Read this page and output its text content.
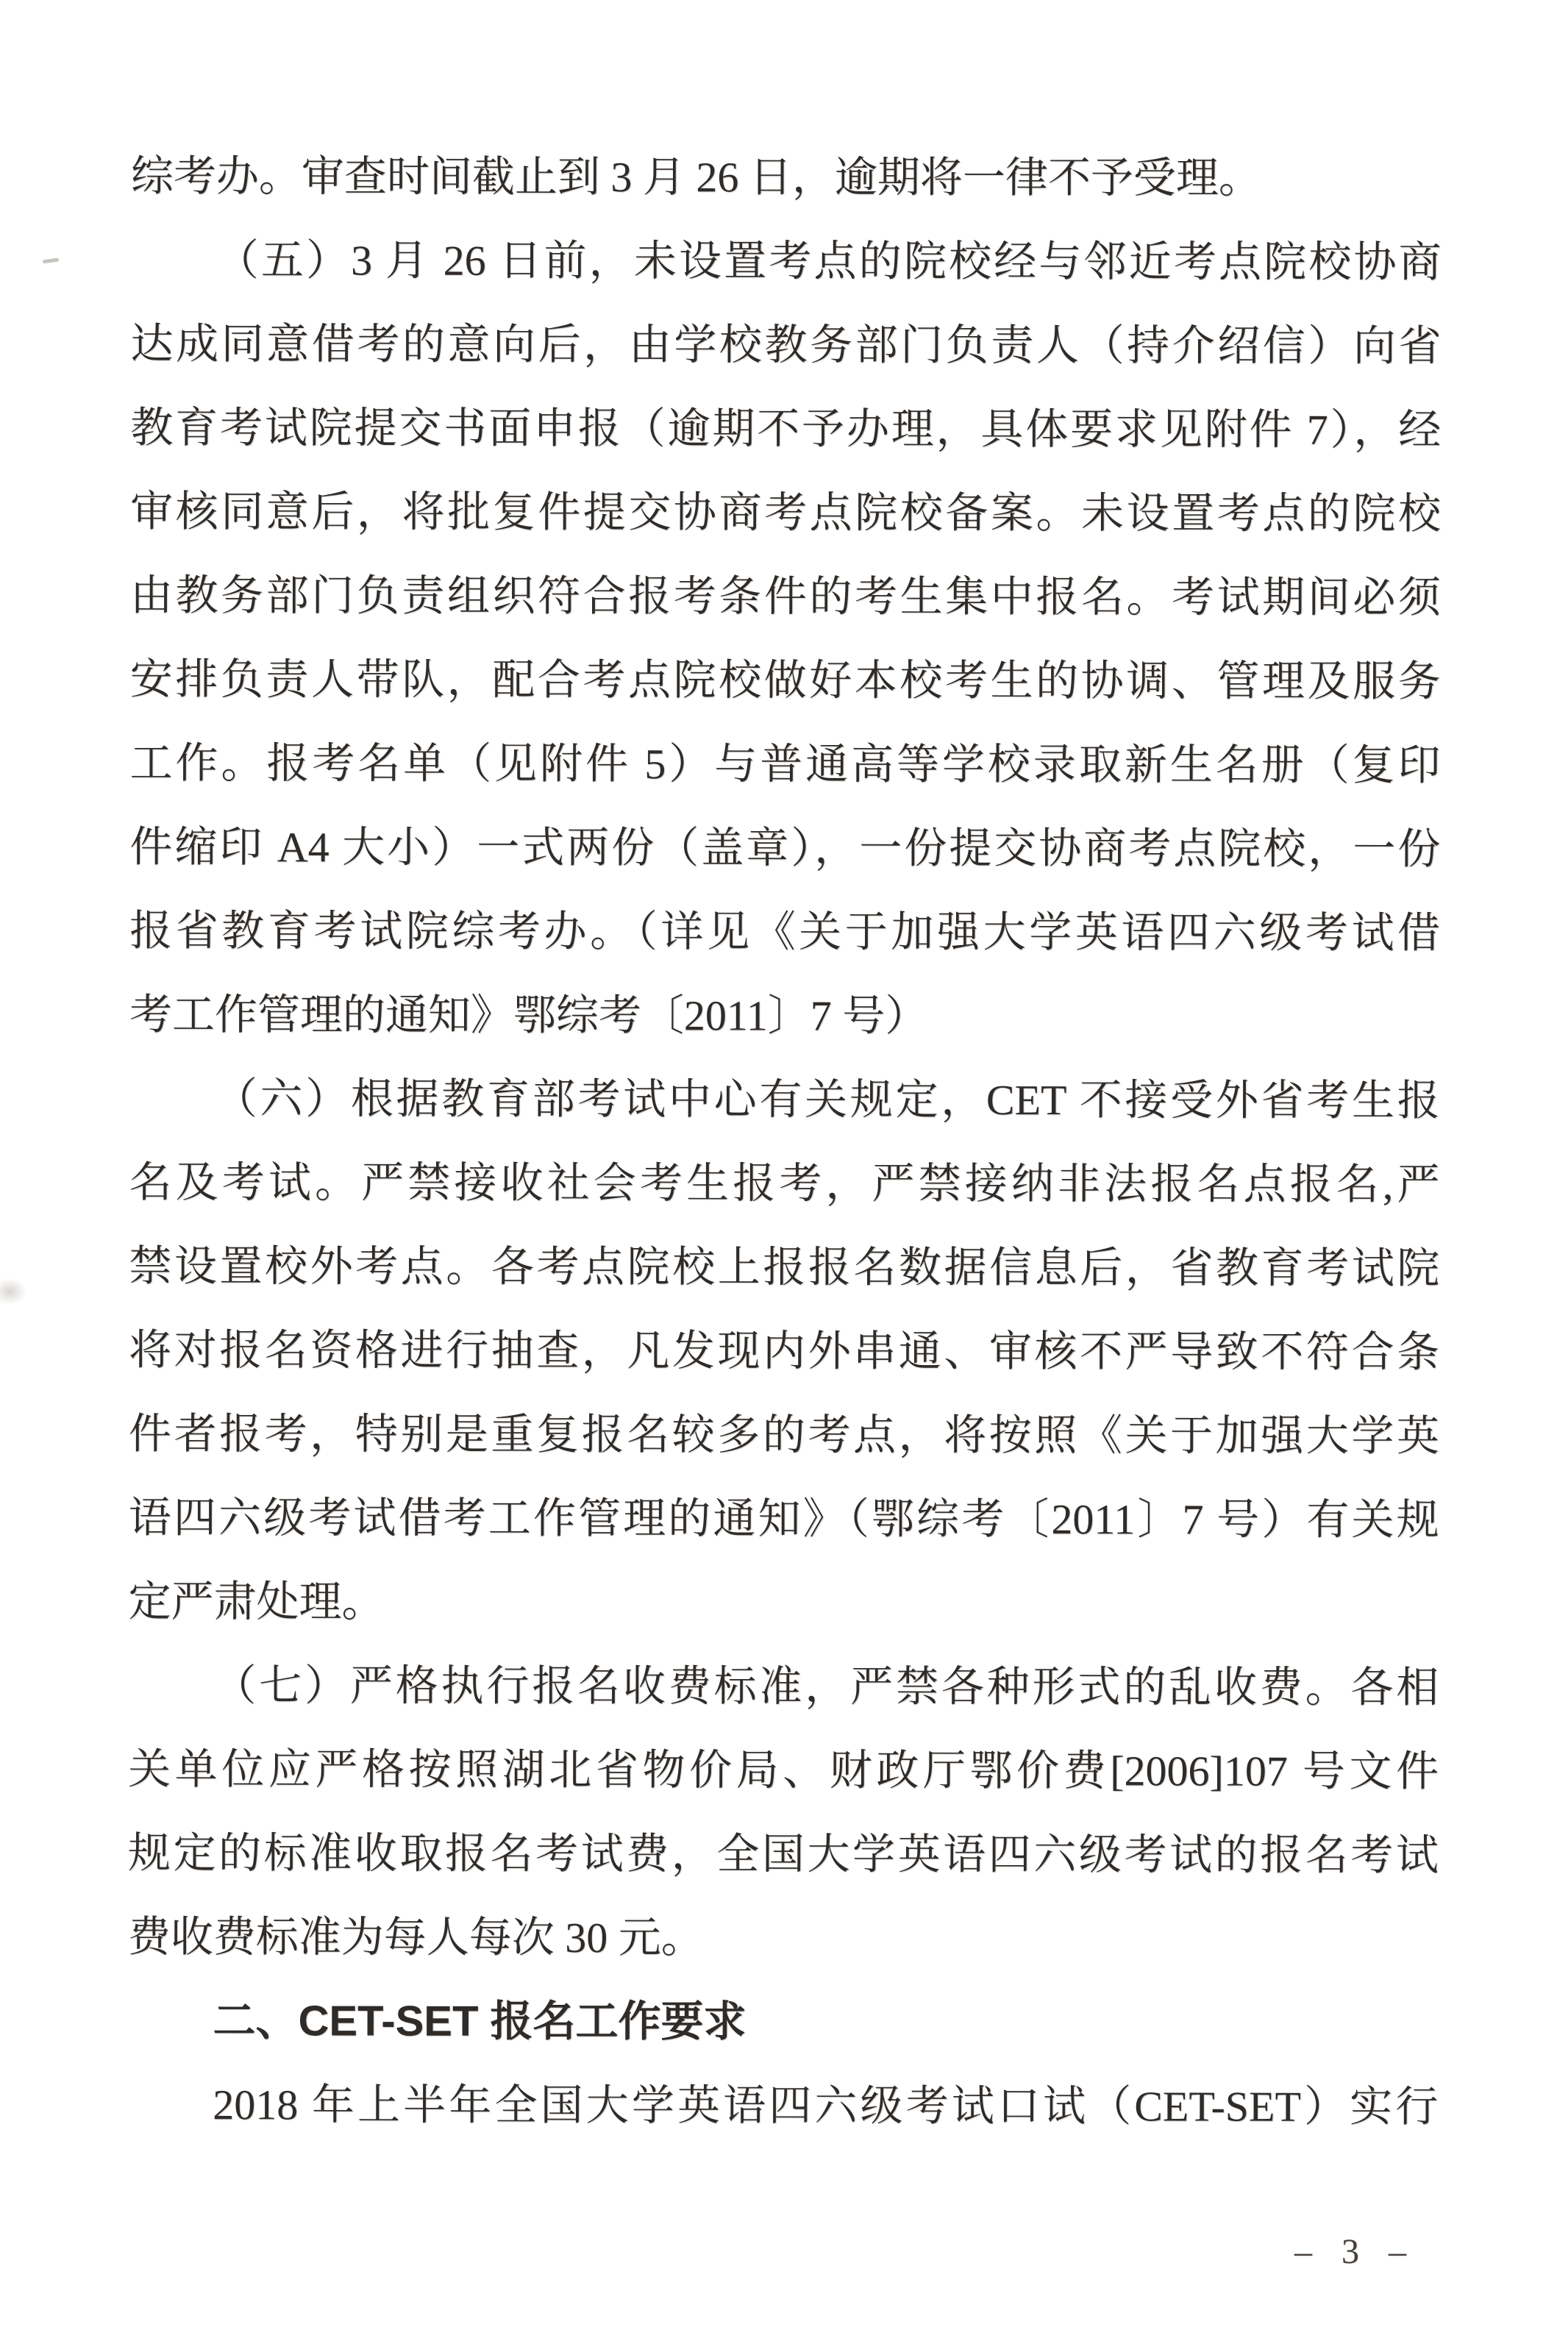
综考办。审查时间截止到 3 月 26 日，逾期将一律不予受理。

（五）3 月 26 日前，未设置考点的院校经与邻近考点院校协商

达成同意借考的意向后，由学校教务部门负责人（持介绍信）向省

教育考试院提交书面申报（逾期不予办理，具体要求见附件 7），经

审核同意后，将批复件提交协商考点院校备案。未设置考点的院校

由教务部门负责组织符合报考条件的考生集中报名。考试期间必须

安排负责人带队，配合考点院校做好本校考生的协调、管理及服务

工作。报考名单（见附件 5）与普通高等学校录取新生名册（复印

件缩印 A4 大小）一式两份（盖章），一份提交协商考点院校，一份

报省教育考试院综考办。（详见《关于加强大学英语四六级考试借

考工作管理的通知》鄂综考〔2011〕7 号）

（六）根据教育部考试中心有关规定，CET 不接受外省考生报

名及考试。严禁接收社会考生报考，严禁接纳非法报名点报名,严

禁设置校外考点。各考点院校上报报名数据信息后，省教育考试院

将对报名资格进行抽查，凡发现内外串通、审核不严导致不符合条

件者报考，特别是重复报名较多的考点，将按照《关于加强大学英

语四六级考试借考工作管理的通知》（鄂综考〔2011〕7 号）有关规

定严肃处理。

（七）严格执行报名收费标准，严禁各种形式的乱收费。各相

关单位应严格按照湖北省物价局、财政厅鄂价费[2006]107 号文件

规定的标准收取报名考试费，全国大学英语四六级考试的报名考试

费收费标准为每人每次 30 元。

二、CET-SET 报名工作要求

2018 年上半年全国大学英语四六级考试口试（CET-SET）实行

– 3 –
